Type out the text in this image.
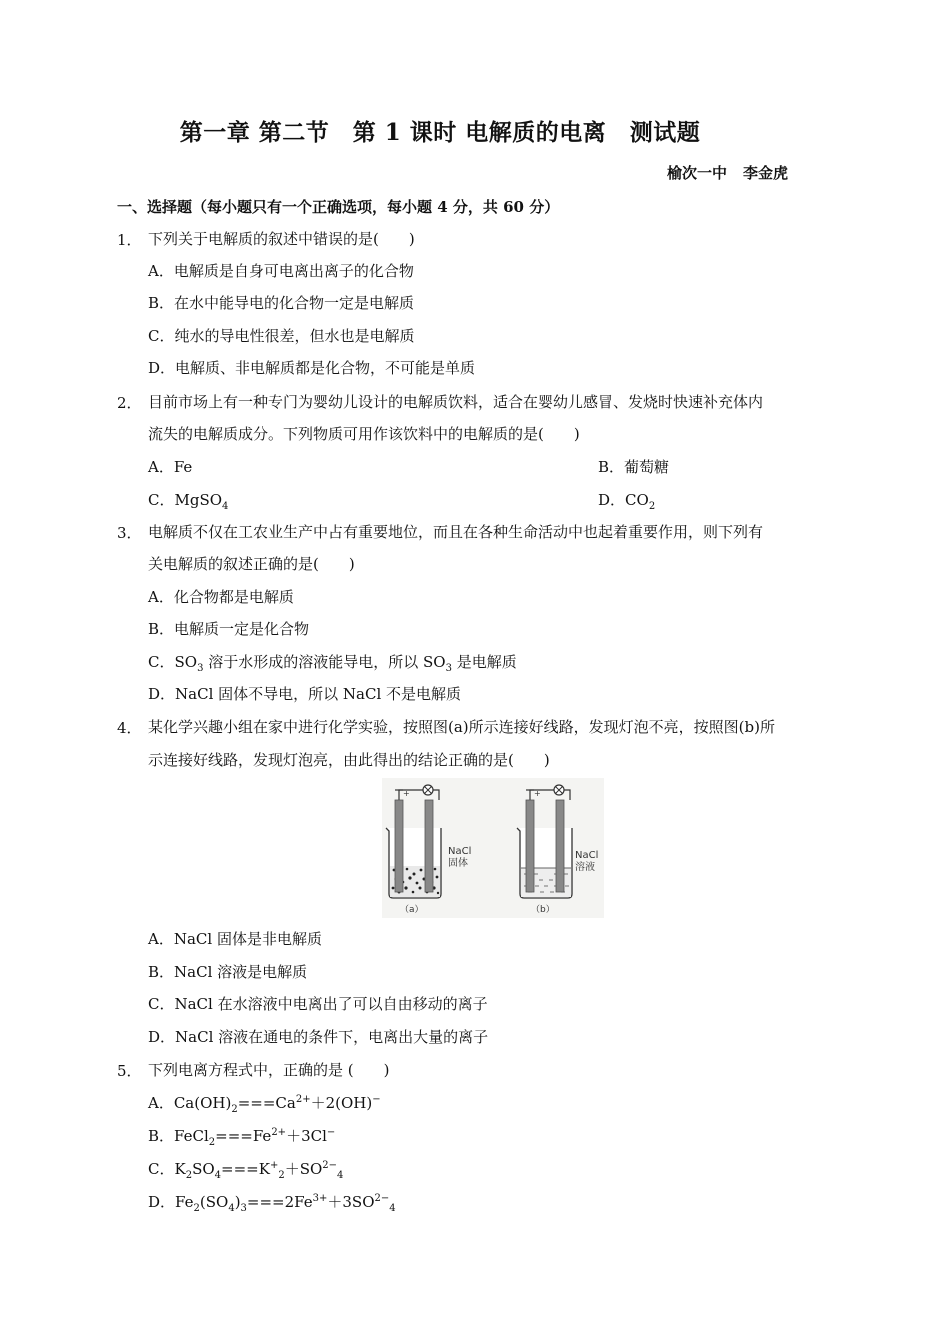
第一章 第二节　第 1 课时 电解质的电离　测试题
榆次一中 李金虎
一、选择题（每小题只有一个正确选项，每小题 4 分，共 60 分）
1． 下列关于电解质的叙述中错误的是(　　)
A．电解质是自身可电离出离子的化合物
B．在水中能导电的化合物一定是电解质
C．纯水的导电性很差，但水也是电解质
D．电解质、非电解质都是化合物，不可能是单质
2． 目前市场上有一种专门为婴幼儿设计的电解质饮料，适合在婴幼儿感冒、发烧时快速补充体内
流失的电解质成分。下列物质可用作该饮料中的电解质的是(　　)
A．Fe	B．葡萄糖
C．MgSO$_4$	D．$CO_2$
3． 电解质不仅在工农业生产中占有重要地位，而且在各种生命活动中也起着重要作用，则下列有
关电解质的叙述正确的是(　　)
A．化合物都是电解质
B．电解质一定是化合物
C．$SO_3$ 溶于水形成的溶液能导电，所以 $SO_3$ 是电解质
D．NaCl 固体不导电，所以 NaCl 不是电解质
4． 某化学兴趣小组在家中进行化学实验，按照图(a)所示连接好线路，发现灯泡不亮，按照图(b)所
示连接好线路，发现灯泡亮，由此得出的结论正确的是(　　)
+
NaCl
固体
（a）
+
NaCl
溶液
（b）
A．NaCl 固体是非电解质
B．NaCl 溶液是电解质
C．NaCl 在水溶液中电离出了可以自由移动的离子
D．NaCl 溶液在通电的条件下，电离出大量的离子
5． 下列电离方程式中，正确的是 (　　)
A．$Ca(OH)_2===Ca^{2+}+2(OH)^-$
B．$FeCl_2===Fe^{2+}+3Cl^-$
C．$K_2SO_4===K^+_2+SO^{2-}_4$
D．$Fe_2(SO_4)_3===2Fe^{3+}+3SO^{2-}_4$
